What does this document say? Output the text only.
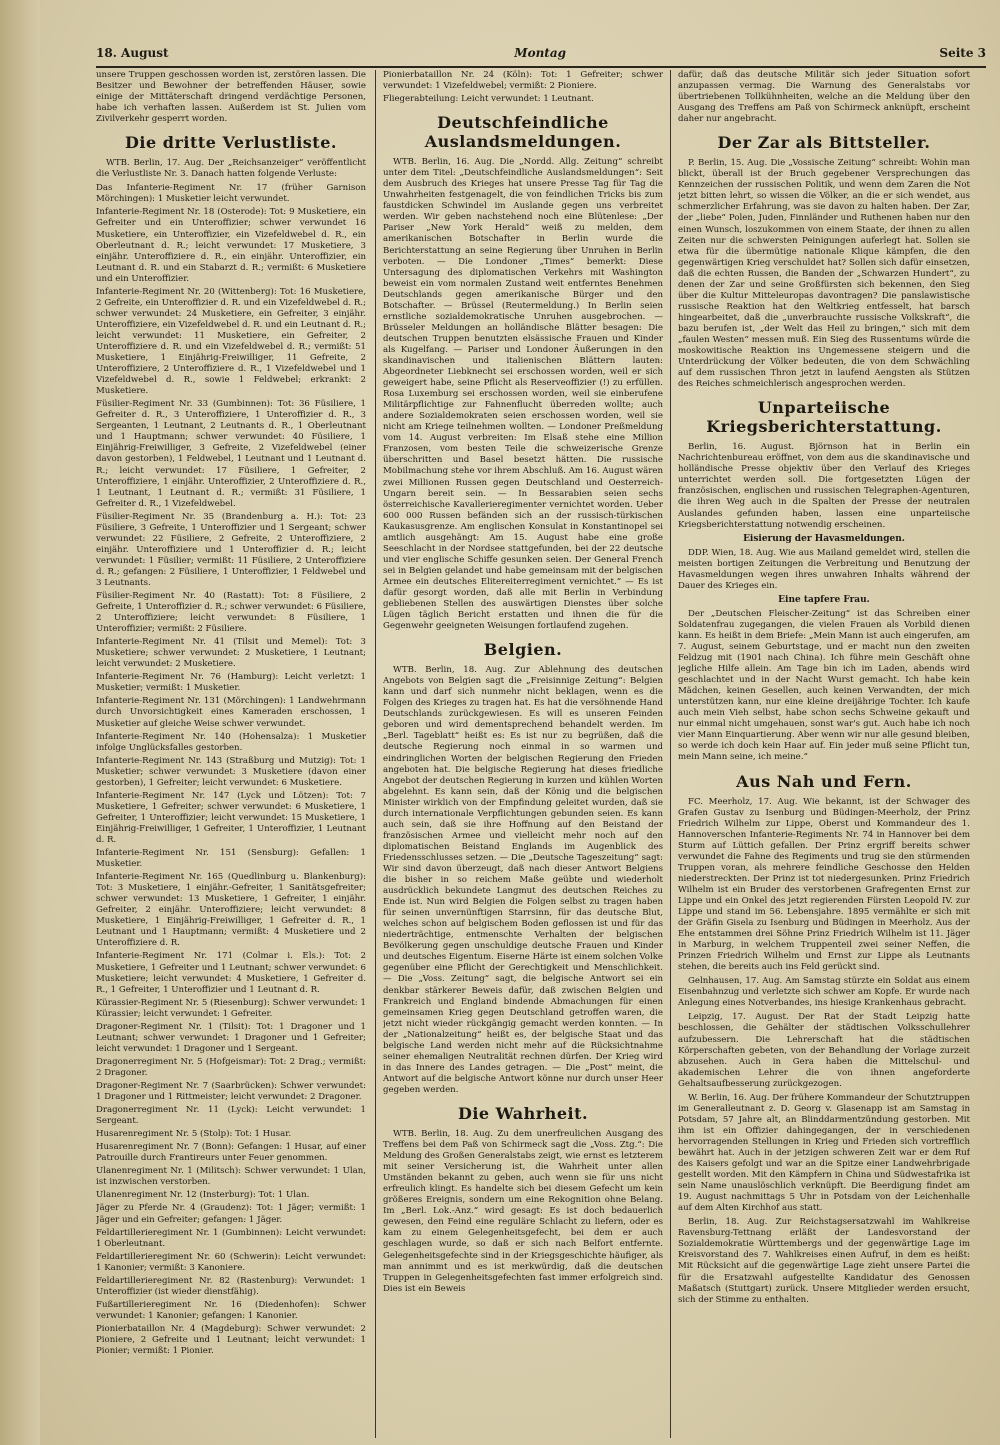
18. August	Montag	Seite 3

unsere Truppen geschossen worden ist, zerstören lassen. Die Besitzer und Bewohner der betreffenden Häuser, sowie einige der Mittäterschaft dringend verdächtige Personen, habe ich verhaften lassen. Außerdem ist St. Julien vom Zivilverkehr gesperrt worden.

Die dritte Verlustliste.

WTB. Berlin, 17. Aug. Der „Reichsanzeiger“ veröffentlicht die Verlustliste Nr. 3. Danach hatten folgende Verluste:

Das Infanterie-Regiment Nr. 17 (früher Garnison Mörchingen): 1 Musketier leicht verwundet.
Infanterie-Regiment Nr. 18 (Osterode): Tot: 9 Musketiere, ein Gefreiter und ein Unteroffizier; schwer verwundet 16 Musketiere, ein Unteroffizier, ein Vizefeldwebel d. R., ein Oberleutnant d. R.; leicht verwundet: 17 Musketiere, 3 einjähr. Unteroffiziere d. R., ein einjähr. Unteroffizier, ein Leutnant d. R. und ein Stabarzt d. R.; vermißt: 6 Musketiere und ein Unteroffizier.
Infanterie-Regiment Nr. 20 (Wittenberg): Tot: 16 Musketiere, 2 Gefreite, ein Unteroffizier d. R. und ein Vizefeldwebel d. R.; schwer verwundet: 24 Musketiere, ein Gefreiter, 3 einjähr. Unteroffiziere, ein Vizefeldwebel d. R. und ein Leutnant d. R.; leicht verwundet: 11 Musketiere, ein Gefreiter, 2 Unteroffiziere d. R. und ein Vizefeldwebel d. R.; vermißt: 51 Musketiere, 1 Einjährig-Freiwilliger, 11 Gefreite, 2 Unteroffiziere, 2 Unteroffiziere d. R., 1 Vizefeldwebel und 1 Vizefeldwebel d. R., sowie 1 Feldwebel; erkrankt: 2 Musketiere.
Füsilier-Regiment Nr. 33 (Gumbinnen): Tot: 36 Füsiliere, 1 Gefreiter d. R., 3 Unteroffiziere, 1 Unteroffizier d. R., 3 Sergeanten, 1 Leutnant, 2 Leutnants d. R., 1 Oberleutnant und 1 Hauptmann; schwer verwundet: 40 Füsiliere, 1 Einjährig-Freiwilliger, 3 Gefreite, 2 Vizefeldwebel (einer davon gestorben), 1 Feldwebel, 1 Leutnant und 1 Leutnant d. R.; leicht verwundet: 17 Füsiliere, 1 Gefreiter, 2 Unteroffiziere, 1 einjähr. Unteroffizier, 2 Unteroffiziere d. R., 1 Leutnant, 1 Leutnant d. R.; vermißt: 31 Füsiliere, 1 Gefreiter d. R., 1 Vizefeldwebel.
Füsilier-Regiment Nr. 35 (Brandenburg a. H.): Tot: 23 Füsiliere, 3 Gefreite, 1 Unteroffizier und 1 Sergeant; schwer verwundet: 22 Füsiliere, 2 Gefreite, 2 Unteroffiziere, 2 einjähr. Unteroffiziere und 1 Unteroffizier d. R.; leicht verwundet: 1 Füsilier; vermißt: 11 Füsiliere, 2 Unteroffiziere d. R.; gefangen: 2 Füsiliere, 1 Unteroffizier, 1 Feldwebel und 3 Leutnants.
Füsilier-Regiment Nr. 40 (Rastatt): Tot: 8 Füsiliere, 2 Gefreite, 1 Unteroffizier d. R.; schwer verwundet: 6 Füsiliere, 2 Unteroffiziere; leicht verwundet: 8 Füsiliere, 1 Unteroffizier; vermißt: 2 Füsiliere.
Infanterie-Regiment Nr. 41 (Tilsit und Memel): Tot: 3 Musketiere; schwer verwundet: 2 Musketiere, 1 Leutnant; leicht verwundet: 2 Musketiere.
Infanterie-Regiment Nr. 76 (Hamburg): Leicht verletzt: 1 Musketier; vermißt: 1 Musketier.
Infanterie-Regiment Nr. 131 (Mörchingen): 1 Landwehrmann durch Unvorsichtigkeit eines Kameraden erschossen, 1 Musketier auf gleiche Weise schwer verwundet.
Infanterie-Regiment Nr. 140 (Hohensalza): 1 Musketier infolge Unglücksfalles gestorben.
Infanterie-Regiment Nr. 143 (Straßburg und Mutzig): Tot: 1 Musketier; schwer verwundet: 3 Musketiere (davon einer gestorben), 1 Gefreiter; leicht verwundet: 6 Musketiere.
Infanterie-Regiment Nr. 147 (Lyck und Lötzen): Tot: 7 Musketiere, 1 Gefreiter; schwer verwundet: 6 Musketiere, 1 Gefreiter, 1 Unteroffizier; leicht verwundet: 15 Musketiere, 1 Einjährig-Freiwilliger, 1 Gefreiter, 1 Unteroffizier, 1 Leutnant d. R.
Infanterie-Regiment Nr. 151 (Sensburg): Gefallen: 1 Musketier.
Infanterie-Regiment Nr. 165 (Quedlinburg u. Blankenburg): Tot: 3 Musketiere, 1 einjähr.-Gefreiter, 1 Sanitätsgefreiter; schwer verwundet: 13 Musketiere, 1 Gefreiter, 1 einjähr. Gefreiter, 2 einjähr. Unteroffiziere; leicht verwundet: 8 Musketiere, 1 Einjährig-Freiwilliger, 1 Gefreiter d. R., 1 Leutnant und 1 Hauptmann; vermißt: 4 Musketiere und 2 Unteroffiziere d. R.
Infanterie-Regiment Nr. 171 (Colmar i. Els.): Tot: 2 Musketiere, 1 Gefreiter und 1 Leutnant; schwer verwundet: 6 Musketiere; leicht verwundet: 4 Musketiere, 1 Gefreiter d. R., 1 Gefreiter, 1 Unteroffizier und 1 Leutnant d. R.
Kürassier-Regiment Nr. 5 (Riesenburg): Schwer verwundet: 1 Kürassier; leicht verwundet: 1 Gefreiter.
Dragoner-Regiment Nr. 1 (Tilsit): Tot: 1 Dragoner und 1 Leutnant; schwer verwundet: 1 Dragoner und 1 Gefreiter; leicht verwundet: 1 Dragoner und 1 Sergeant.
Dragonerregiment Nr. 5 (Hofgeismar): Tot: 2 Drag.; vermißt: 2 Dragoner.
Dragoner-Regiment Nr. 7 (Saarbrücken): Schwer verwundet: 1 Dragoner und 1 Rittmeister; leicht verwundet: 2 Dragoner.
Dragonerregiment Nr. 11 (Lyck): Leicht verwundet: 1 Sergeant.
Husarenregiment Nr. 5 (Stolp): Tot: 1 Husar.
Husarenregiment Nr. 7 (Bonn): Gefangen: 1 Husar, auf einer Patrouille durch Frantireurs unter Feuer genommen.
Ulanenregiment Nr. 1 (Militsch): Schwer verwundet: 1 Ulan, ist inzwischen verstorben.
Ulanenregiment Nr. 12 (Insterburg): Tot: 1 Ulan.
Jäger zu Pferde Nr. 4 (Graudenz): Tot: 1 Jäger; vermißt: 1 Jäger und ein Gefreiter; gefangen: 1 Jäger.
Feldartillerieregiment Nr. 1 (Gumbinnen): Leicht verwundet: 1 Oberleutnant.
Feldartillerieregiment Nr. 60 (Schwerin): Leicht verwundet: 1 Kanonier; vermißt: 3 Kanoniere.
Feldartillerieregiment Nr. 82 (Rastenburg): Verwundet: 1 Unteroffizier (ist wieder dienstfähig).
Fußartillerieregiment Nr. 16 (Diedenhofen): Schwer verwundet: 1 Kanonier; gefangen: 1 Kanonier.
Pionierbataillon Nr. 4 (Magdeburg): Schwer verwundet: 2 Pioniere, 2 Gefreite und 1 Leutnant; leicht verwundet: 1 Pionier; vermißt: 1 Pionier.
Pionierbataillon Nr. 24 (Köln): Tot: 1 Gefreiter; schwer verwundet: 1 Vizefeldwebel; vermißt: 2 Pioniere.
Fliegerabteilung: Leicht verwundet: 1 Leutnant.
Deutschfeindliche Auslandsmeldungen.

WTB. Berlin, 16. Aug. Die „Nordd. Allg. Zeitung“ schreibt unter dem Titel: „Deutschfeindliche Auslandsmeldungen“: Seit dem Ausbruch des Krieges hat unsere Presse Tag für Tag die Unwahrheiten festgenagelt, die von feindlichen Tricks bis zum faustdicken Schwindel im Auslande gegen uns verbreitet werden. Wir geben nachstehend noch eine Blütenlese: „Der Pariser „New York Herald“ weiß zu melden, dem amerikanischen Botschafter in Berlin wurde die Berichterstattung an seine Regierung über Unruhen in Berlin verboten. — Die Londoner „Times“ bemerkt: Diese Untersagung des diplomatischen Verkehrs mit Washington beweist ein vom normalen Zustand weit entferntes Benehmen Deutschlands gegen amerikanische Bürger und den Botschafter. — Brüssel (Reutermeldung.) In Berlin seien ernstliche sozialdemokratische Unruhen ausgebrochen. — Brüsseler Meldungen an holländische Blätter besagen: Die deutschen Truppen benutzten elsässische Frauen und Kinder als Kugelfang. — Pariser und Londoner Äußerungen in den skandinavischen und italienischen Blättern lauten: Abgeordneter Liebknecht sei erschossen worden, weil er sich geweigert habe, seine Pflicht als Reserveoffizier (!) zu erfüllen. Rosa Luxemburg sei erschossen worden, weil sie einberufene Militärpflichtige zur Fahnenflucht überreden wollte; auch andere Sozialdemokraten seien erschossen worden, weil sie nicht am Kriege teilnehmen wollten. — Londoner Preßmeldung vom 14. August verbreiten: Im Elsaß stehe eine Million Franzosen, vom besten Teile die schweizerische Grenze überschritten und Basel besetzt hätten. Die russische Mobilmachung stehe vor ihrem Abschluß. Am 16. August wären zwei Millionen Russen gegen Deutschland und Oesterreich-Ungarn bereit sein. — In Bessarabien seien sechs österreichische Kavallerieregimenter vernichtet worden. Ueber 600 000 Russen befänden sich an der russisch-türkischen Kaukasusgrenze. Am englischen Konsulat in Konstantinopel sei amtlich ausgehängt: Am 15. August habe eine große Seeschlacht in der Nordsee stattgefunden, bei der 22 deutsche und vier englische Schiffe gesunken seien. Der General French sei in Belgien gelandet und habe gemeinsam mit der belgischen Armee ein deutsches Elitereiterregiment vernichtet.“ — Es ist dafür gesorgt worden, daß alle mit Berlin in Verbindung gebliebenen Stellen des auswärtigen Dienstes über solche Lügen täglich Bericht erstatten und ihnen die für die Gegenwehr geeigneten Weisungen fortlaufend zugehen.

Belgien.

WTB. Berlin, 18. Aug. Zur Ablehnung des deutschen Angebots von Belgien sagt die „Freisinnige Zeitung“: Belgien kann und darf sich nunmehr nicht beklagen, wenn es die Folgen des Krieges zu tragen hat. Es hat die versöhnende Hand Deutschlands zurückgewiesen. Es will es unseren Feinden geboren und wird dementsprechend behandelt werden. Im „Berl. Tageblatt“ heißt es: Es ist nur zu begrüßen, daß die deutsche Regierung noch einmal in so warmen und eindringlichen Worten der belgischen Regierung den Frieden angeboten hat. Die belgische Regierung hat dieses friedliche Angebot der deutschen Regierung in kurzen und kühlen Worten abgelehnt. Es kann sein, daß der König und die belgischen Minister wirklich von der Empfindung geleitet wurden, daß sie durch internationale Verpflichtungen gebunden seien. Es kann auch sein, daß sie ihre Hoffnung auf den Beistand der französischen Armee und vielleicht mehr noch auf den diplomatischen Beistand Englands im Augenblick des Friedensschlusses setzen. — Die „Deutsche Tageszeitung“ sagt: Wir sind davon überzeugt, daß nach dieser Antwort Belgiens die bisher in so reichem Maße geübte und wiederholt ausdrücklich bekundete Langmut des deutschen Reiches zu Ende ist. Nun wird Belgien die Folgen selbst zu tragen haben für seinen unvernünftigen Starrsinn, für das deutsche Blut, welches schon auf belgischem Boden geflossen ist und für das niederträchtige, entmenschte Verhalten der belgischen Bevölkerung gegen unschuldige deutsche Frauen und Kinder und deutsches Eigentum. Eiserne Härte ist einem solchen Volke gegenüber eine Pflicht der Gerechtigkeit und Menschlichkeit. — Die „Voss. Zeitung“ sagt, die belgische Antwort sei ein denkbar stärkerer Beweis dafür, daß zwischen Belgien und Frankreich und England bindende Abmachungen für einen gemeinsamen Krieg gegen Deutschland getroffen waren, die jetzt nicht wieder rückgängig gemacht werden konnten. — In der „Nationalzeitung“ heißt es, der belgische Staat und das belgische Land werden nicht mehr auf die Rücksichtnahme seiner ehemaligen Neutralität rechnen dürfen. Der Krieg wird in das Innere des Landes getragen. — Die „Post“ meint, die Antwort auf die belgische Antwort könne nur durch unser Heer gegeben werden.

Die Wahrheit.

WTB. Berlin, 18. Aug. Zu dem unerfreulichen Ausgang des Treffens bei dem Paß von Schirmeck sagt die „Voss. Ztg.“: Die Meldung des Großen Generalstabs zeigt, wie ernst es letzterem mit seiner Versicherung ist, die Wahrheit unter allen Umständen bekannt zu geben, auch wenn sie für uns nicht erfreulich klingt. Es handelte sich bei diesem Gefecht um kein größeres Ereignis, sondern um eine Rekognition ohne Belang. Im „Berl. Lok.-Anz.“ wird gesagt: Es ist doch bedauerlich gewesen, den Feind eine reguläre Schlacht zu liefern, oder es kam zu einem Gelegenheitsgefecht, bei dem er auch geschlagen wurde, so daß er sich nach Belfort entfernte. Gelegenheitsgefechte sind in der Kriegsgeschichte häufiger, als man annimmt und es ist merkwürdig, daß die deutschen Truppen in Gelegenheitsgefechten fast immer erfolgreich sind. Dies ist ein Beweis

dafür, daß das deutsche Militär sich jeder Situation sofort anzupassen vermag. Die Warnung des Generalstabs vor übertriebenen Tollkühnheiten, welche an die Meldung über den Ausgang des Treffens am Paß von Schirmeck anknüpft, erscheint daher nur angebracht.

Der Zar als Bittsteller.

P. Berlin, 15. Aug. Die „Vossische Zeitung“ schreibt: Wohin man blickt, überall ist der Bruch gegebener Versprechungen das Kennzeichen der russischen Politik, und wenn dem Zaren die Not jetzt bitten lehrt, so wissen die Völker, an die er sich wendet, aus schmerzlicher Erfahrung, was sie davon zu halten haben. Der Zar, der „liebe“ Polen, Juden, Finnländer und Ruthenen haben nur den einen Wunsch, loszukommen von einem Staate, der ihnen zu allen Zeiten nur die schwersten Peinigungen auferlegt hat. Sollen sie etwa für die übermütige nationale Klique kämpfen, die den gegenwärtigen Krieg verschuldet hat? Sollen sich dafür einsetzen, daß die echten Russen, die Banden der „Schwarzen Hundert“, zu denen der Zar und seine Großfürsten sich bekennen, den Sieg über die Kultur Mitteleuropas davontragen? Die panslawistische russische Reaktion hat den Weltkrieg entfesselt, hat barsch hingearbeitet, daß die „unverbrauchte russische Volkskraft“, die bazu berufen ist, „der Welt das Heil zu bringen,“ sich mit dem „faulen Westen“ messen muß. Ein Sieg des Russentums würde die moskowitische Reaktion ins Ungemessene steigern und die Unterdrückung der Völker bedeuten, die von dem Schwächling auf dem russischen Thron jetzt in laufend Aengsten als Stützen des Reiches schmeichlerisch angesprochen werden.

Unparteiische Kriegsberichterstattung.

Berlin, 16. August. Björnson hat in Berlin ein Nachrichtenbureau eröffnet, von dem aus die skandinavische und holländische Presse objektiv über den Verlauf des Krieges unterrichtet werden soll. Die fortgesetzten Lügen der französischen, englischen und russischen Telegraphen-Agenturen, die ihren Weg auch in die Spalten der Presse der neutralen Auslandes gefunden haben, lassen eine unparteiische Kriegsberichterstattung notwendig erscheinen.

Eisierung der Havasmeldungen.

DDP. Wien, 18. Aug. Wie aus Mailand gemeldet wird, stellen die meisten bortigen Zeitungen die Verbreitung und Benutzung der Havasmeldungen wegen ihres unwahren Inhalts während der Dauer des Krieges ein.

Eine tapfere Frau.

Der „Deutschen Fleischer-Zeitung“ ist das Schreiben einer Soldatenfrau zugegangen, die vielen Frauen als Vorbild dienen kann. Es heißt in dem Briefe: „Mein Mann ist auch eingerufen, am 7. August, seinem Geburtstage, und er macht nun den zweiten Feldzug mit (1901 nach China). Ich führe mein Geschäft ohne jegliche Hilfe allein. Am Tage bin ich im Laden, abends wird geschlachtet und in der Nacht Wurst gemacht. Ich habe kein Mädchen, keinen Gesellen, auch keinen Verwandten, der mich unterstützen kann, nur eine kleine dreijährige Tochter. Ich kaufe auch mein Vieh selbst, habe schon sechs Schweine gekauft und nur einmal nicht umgehauen, sonst war's gut. Auch habe ich noch vier Mann Einquartierung. Aber wenn wir nur alle gesund bleiben, so werde ich doch kein Haar auf. Ein jeder muß seine Pflicht tun, mein Mann seine, ich meine.“

Aus Nah und Fern.

FC. Meerholz, 17. Aug. Wie bekannt, ist der Schwager des Grafen Gustav zu Isenburg und Büdingen-Meerholz, der Prinz Friedrich Wilhelm zur Lippe, Oberst und Kommandeur des 1. Hannoverschen Infanterie-Regiments Nr. 74 in Hannover bei dem Sturm auf Lüttich gefallen. Der Prinz ergriff bereits schwer verwundet die Fahne des Regiments und trug sie den stürmenden Truppen voran, als mehrere feindliche Geschosse den Helden niederstreckten. Der Prinz ist tot niedergesunken. Prinz Friedrich Wilhelm ist ein Bruder des verstorbenen Grafregenten Ernst zur Lippe und ein Onkel des jetzt regierenden Fürsten Leopold IV. zur Lippe und stand im 56. Lebensjahre. 1895 vermählte er sich mit der Gräfin Gisela zu Isenburg und Büdingen in Meerholz. Aus der Ehe entstammen drei Söhne Prinz Friedrich Wilhelm ist 11. Jäger in Marburg, in welchem Truppenteil zwei seiner Neffen, die Prinzen Friedrich Wilhelm und Ernst zur Lippe als Leutnants stehen, die bereits auch ins Feld gerückt sind.

Gelnhausen, 17. Aug. Am Samstag stürzte ein Soldat aus einem Eisenbahnzug und verletzte sich schwer am Kopfe. Er wurde nach Anlegung eines Notverbandes, ins hiesige Krankenhaus gebracht.

Leipzig, 17. August. Der Rat der Stadt Leipzig hatte beschlossen, die Gehälter der städtischen Volksschullehrer aufzubessern. Die Lehrerschaft hat die städtischen Körperschaften gebeten, von der Behandlung der Vorlage zurzeit abzusehen. Auch in Gera haben die Mittelschul- und akademischen Lehrer die von ihnen angeforderte Gehaltsaufbesserung zurückgezogen.

W. Berlin, 16. Aug. Der frühere Kommandeur der Schutztruppen im Generalleutnant z. D. Georg v. Glasenapp ist am Samstag in Potsdam, 57 Jahre alt, an Blinddarmentzündung gestorben. Mit ihm ist ein Offizier dahingegangen, der in verschiedenen hervorragenden Stellungen in Krieg und Frieden sich vortrefflich bewährt hat. Auch in der jetzigen schweren Zeit war er dem Ruf des Kaisers gefolgt und war an die Spitze einer Landwehrbrigade gestellt worden. Mit den Kämpfern in China und Südwestafrika ist sein Name unauslöschlich verknüpft. Die Beerdigung findet am 19. August nachmittags 5 Uhr in Potsdam von der Leichenhalle auf dem Alten Kirchhof aus statt.

Berlin, 18. Aug. Zur Reichstagsersatzwahl im Wahlkreise Ravensburg-Tettnang erläßt der Landesvorstand der Sozialdemokratie Württembergs und der gegenwärtige Lage im Kreisvorstand des 7. Wahlkreises einen Aufruf, in dem es heißt: Mit Rücksicht auf die gegenwärtige Lage zieht unsere Partei die für die Ersatzwahl aufgestellte Kandidatur des Genossen Maßatsch (Stuttgart) zurück. Unsere Mitglieder werden ersucht, sich der Stimme zu enthalten.
